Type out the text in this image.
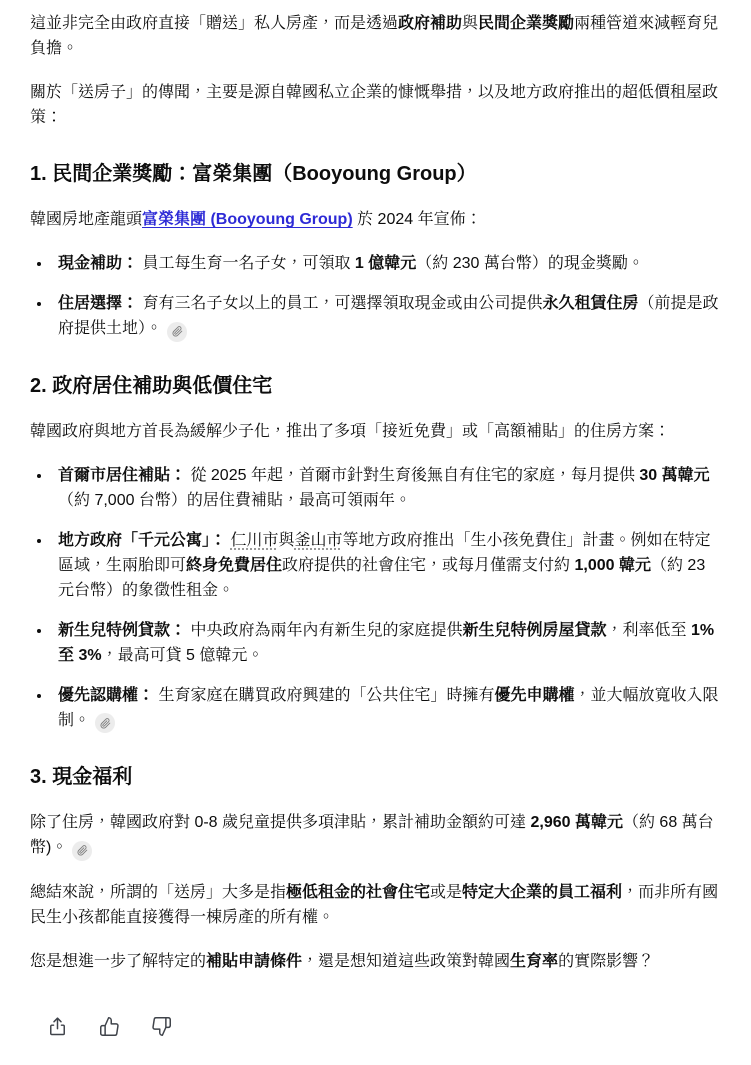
這並非完全由政府直接「贈送」私人房產，而是透過政府補助與民間企業獎勵兩種管道來減輕育兒負擔。

關於「送房子」的傳聞，主要是源自韓國私立企業的慷慨舉措，以及地方政府推出的超低價租屋政策：

1. 民間企業獎勵：富榮集團（Booyoung Group）

韓國房地產龍頭富榮集團 (Booyoung Group) 於 2024 年宣佈：

• 現金補助： 員工每生育一名子女，可領取 1 億韓元（約 230 萬台幣）的現金獎勵。
• 住居選擇： 育有三名子女以上的員工，可選擇領取現金或由公司提供永久租賃住房（前提是政府提供土地）。
2. 政府居住補助與低價住宅

韓國政府與地方首長為緩解少子化，推出了多項「接近免費」或「高額補貼」的住房方案：

• 首爾市居住補貼： 從 2025 年起，首爾市針對生育後無自有住宅的家庭，每月提供 30 萬韓元（約 7,000 台幣）的居住費補貼，最高可領兩年。
• 地方政府「千元公寓」： 仁川市與釜山市等地方政府推出「生小孩免費住」計畫。例如在特定區域，生兩胎即可終身免費居住政府提供的社會住宅，或每月僅需支付約 1,000 韓元（約 23 元台幣）的象徵性租金。
• 新生兒特例貸款： 中央政府為兩年內有新生兒的家庭提供新生兒特例房屋貸款，利率低至 1% 至 3%，最高可貸 5 億韓元。
• 優先認購權： 生育家庭在購買政府興建的「公共住宅」時擁有優先申購權，並大幅放寬收入限制。
3. 現金福利

除了住房，韓國政府對 0-8 歲兒童提供多項津貼，累計補助金額約可達 2,960 萬韓元（約 68 萬台幣)。

總結來說，所謂的「送房」大多是指極低租金的社會住宅或是特定大企業的員工福利，而非所有國民生小孩都能直接獲得一棟房產的所有權。

您是想進一步了解特定的補貼申請條件，還是想知道這些政策對韓國生育率的實際影響？
